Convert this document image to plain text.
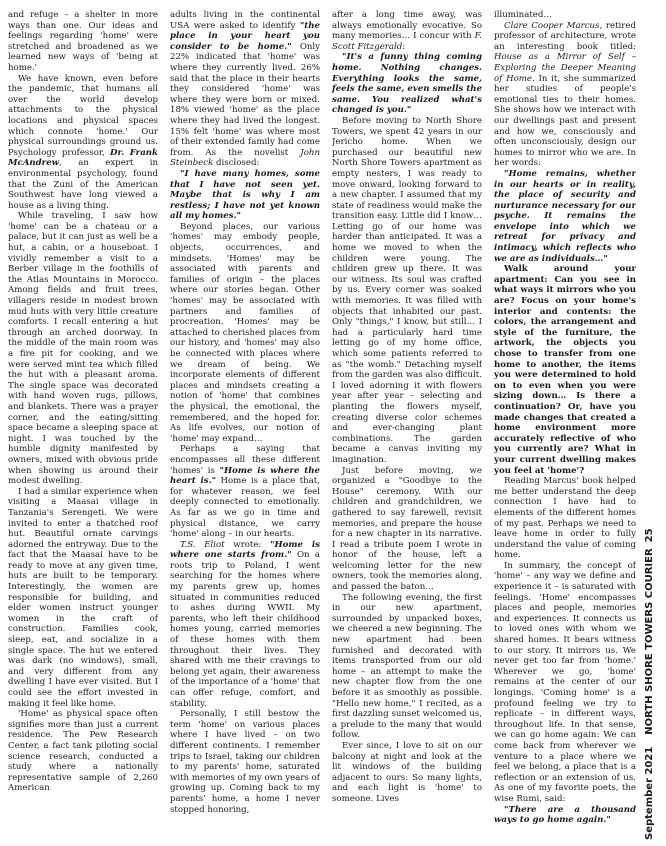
and refuge – a shelter in more ways than one. Our ideas and feelings regarding 'home' were stretched and broadened as we learned new ways of 'being at home.'

We have known, even before the pandemic, that humans all over the world develop attachments to the physical locations and physical spaces which connote 'home.' Our physical surroundings ground us. Psychology professor, Dr. Frank McAndrew, an expert in environmental psychology, found that the Zuni of the American Southwest have long viewed a house as a living thing.

While traveling, I saw how 'home' can be a chateau or a palace, but it can just as well be a hut, a cabin, or a houseboat. I vividly remember a visit to a Berber village in the foothills of the Atlas Mountains in Morocco. Among fields and fruit trees, villagers reside in modest brown mud huts with very little creature comforts. I recall entering a hut through an arched doorway. In the middle of the main room was a fire pit for cooking, and we were served mint tea which filled the hut with a pleasant aroma. The single space was decorated with hand woven rugs, pillows, and blankets. There was a prayer corner, and the eating/sitting space became a sleeping space at night. I was touched by the humble dignity manifested by owners, mixed with obvious pride when showing us around their modest dwelling.

I had a similar experience when visiting a Maasai village in Tanzania's Serengeti. We were invited to enter a thatched roof hut. Beautiful ornate carvings adorned the entryway. Due to the fact that the Maasai have to be ready to move at any given time, huts are built to be temporary. Interestingly, the women are responsible for building, and elder women instruct younger women in the craft of construction. Families cook, sleep, eat, and socialize in a single space. The hut we entered was dark (no windows), small, and very different from any dwelling I have ever visited. But I could see the effort invested in making it feel like home.

'Home' as physical space often signifies more than just a current residence. The Pew Research Center, a fact tank piloting social science research, conducted a study where a nationally representative sample of 2,260 American

adults living in the continental USA were asked to identify "the place in your heart you consider to be home." Only 22% indicated that 'home' was where they currently lived. 26% said that the place in their hearts they considered 'home' was where they were born or mixed. 18% viewed 'home' as the place where they had lived the longest. 15% felt 'home' was where most of their extended family had come from. As the novelist John Steinbeck disclosed:

"I have many homes, some that I have not seen yet. Maybe that is why I am restless; I have not yet known all my homes."

Beyond places, our various 'homes' may embody people, objects, occurrences, and mindsets. 'Homes' may be associated with parents and families of origin – the places where our stories began. Other 'homes' may be associated with partners and families of procreation. 'Homes' may be attached to cherished places from our history, and 'homes' may also be connected with places where we dream of being. We incorporate elements of different places and mindsets creating a notion of 'home' that combines the physical, the emotional, the remembered, and the hoped for. As life evolves, our notion of 'home' may expand…

Perhaps a saying that encompasses all these different 'homes' is "Home is where the heart is." Home is a place that, for whatever reason, we feel deeply connected to emotionally. As far as we go in time and physical distance, we carry 'home' along – in our hearts.

T.S. Eliot wrote: "Home is where one starts from." On a roots trip to Poland, I went searching for the homes where my parents grew up, homes situated in communities reduced to ashes during WWII. My parents, who left their childhood homes young, carried memories of these homes with them throughout their lives. They shared with me their cravings to belong yet again, their awareness of the importance of a 'home' that can offer refuge, comfort, and stability.

Personally, I still bestow the term 'home' on various places where I have lived – on two different continents. I remember trips to Israel, taking our children to my parents' home, saturated with memories of my own years of growing up. Coming back to my parents' home, a home I never stopped honoring,

after a long time away, was always emotionally evocative. So many memories… I concur with F. Scott Fitzgerald:

"It's a funny thing coming home. Nothing changes. Everything looks the same, feels the same, even smells the same. You realized what's changed is you."

Before moving to North Shore Towers, we spent 42 years in our Jericho home. When we purchased our beautiful new North Shore Towers apartment as empty nesters, I was ready to move onward, looking forward to a new chapter. I assumed that my state of readiness would make the transition easy. Little did I know… Letting go of our home was harder than anticipated. It was a home we moved to when the children were young. The children grew up there. It was our witness. Its soul was crafted by us. Every corner was soaked with memories. It was filled with objects that inhabited our past. Only "things," I know, but still… I had a particularly hard time letting go of my home office, which some patients referred to as "the womb." Detaching myself from the garden was also difficult. I loved adorning it with flowers year after year – selecting and planting the flowers myself, creating diverse color schemes and ever-changing plant combinations. The garden became a canvas inviting my imagination.

Just before moving, we organized a "Goodbye to the House" ceremony. With our children and grandchildren, we gathered to say farewell, revisit memories, and prepare the house for a new chapter in its narrative. I read a tribute poem I wrote in honor of the house, left a welcoming letter for the new owners, took the memories along, and passed the baton…

The following evening, the first in our new apartment, surrounded by unpacked boxes, we cheered a new beginning. The new apartment had been furnished and decorated with items transported from our old home – an attempt to make the new chapter flow from the one before it as smoothly as possible. "Hello new home," I recited, as a first dazzling sunset welcomed us, a prelude to the many that would follow.

Ever since, I love to sit on our balcony at night and look at the lit windows of the building adjacent to ours: So many lights, and each light is 'home' to someone. Lives

illuminated…

Clare Cooper Marcus, retired professor of architecture, wrote an interesting book titled: House as a Mirror of Self – Exploring the Deeper Meaning of Home. In it, she summarized her studies of people's emotional ties to their homes. She shows how we interact with our dwellings past and present and how we, consciously and often unconsciously, design our homes to mirror who we are. In her words:

"Home remains, whether in our hearts or in reality, the place of security and nurturance necessary for our psyche. It remains the envelope into which we retreat for privacy and intimacy, which reflects who we are as individuals…"

Walk around your apartment: Can you see in what ways it mirrors who you are? Focus on your home's interior and contents: the colors, the arrangement and style of the furniture, the artwork, the objects you chose to transfer from one home to another, the items you were determined to hold on to even when you were sizing down… Is there a continuation? Or, have you made changes that created a home environment more accurately reflective of who you currently are? What in your current dwelling makes you feel at 'home'?

Reading Marcus' book helped me better understand the deep connection I have had to elements of the different homes of my past. Perhaps we need to leave home in order to fully understand the value of coming home.

In summary, the concept of 'home' – any way we define and experience it – is saturated with feelings. 'Home' encompasses places and people, memories and experiences. It connects us to loved ones with whom we shared homes. It bears witness to our story. It mirrors us. We never get too far from 'home.' Wherever we go, 'home' remains at the center of our longings. 'Coming home' is a profound feeling we try to replicate – in different ways, throughout life. In that sense, we can go home again: We can come back from wherever we venture to a place where we feel we belong, a place that is a reflection or an extension of us. As one of my favorite poets, the wise Rumi, said:

"There are a thousand ways to go home again."	September 2021
NORTH SHORE TOWERS COURIER
25
